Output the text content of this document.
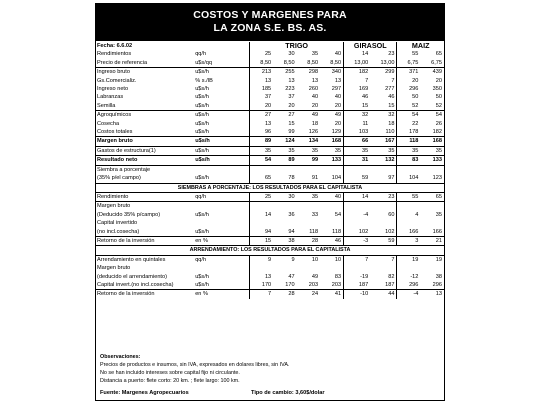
COSTOS Y MARGENES PARA
LA ZONA S.E. BS. AS.
Fecha: 6.6.02		TRIGO				GIRASOL		MAIZ	
Rendimientos	qq/h	25	30	35	40	14	23	55	65
Precio de referencia	u$s/qq	8,50	8,50	8,50	8,50	13,00	13,00	6,75	6,75
Ingreso bruto	u$s/h	213	255	298	340	182	299	371	439
Gs.Comercializ.	% s./IB	13	13	13	13	7	7	20	20
Ingreso neto	u$s/h	185	223	260	297	169	277	296	350
Labranzas	u$s/h	37	37	40	40	46	46	50	50
Semilla	u$s/h	20	20	20	20	15	15	52	52
Agroquímicos	u$s/h	27	27	49	49	32	32	54	54
Cosecha	u$s/h	13	15	18	20	11	18	22	26
Costos totales	u$s/h	96	99	126	129	103	110	178	182
Margen bruto	u$s/h	89	124	134	168	66	167	118	168
Gastos de estructura(1)	u$s/h	35	35	35	35	35	35	35	35
Resultado neto	u$s/h	54	89	99	133	31	132	83	133
Siembra a porcentaje									
(35% p/el campo)	u$s/h	65	78	91	104	59	97	104	123
SIEMBRAS A PORCENTAJE: LOS RESULTADOS PARA EL CAPITALISTA									
Rendimiento	qq/h	25	30	35	40	14	23	55	65
Margen bruto									
(Deducido 35% p/campo)	u$s/h	14	36	33	54	-4	60	4	35
Capital invertido									
(no incl.cosecha)	u$s/h	94	94	118	118	102	102	166	166
Retorno de la inversión	en %	15	38	28	46	-3	59	3	21
ARRENDAMIENTO: LOS RESULTADOS PARA EL CAPITALISTA									
Arrendamiento en quintales	qq/h	9	9	10	10	7	7	19	19
Margen bruto									
(deducido el arrendamiento)	u$s/h	13	47	49	83	-19	82	-12	38
Capital invert.(no incl.cosecha)	u$s/h	170	170	203	203	187	187	296	296
Retorno de la inversión	en %	7	28	24	41	-10	44	-4	13
Observaciones:
Precios de productos e insumos, sin IVA, expresados en dolares libres, sin IVA.
No se han incluido intereses sobre capital fijo ni circulante.
Distancia a puerto: flete corto: 20 km. ; flete largo: 100 km.
Fuente: Margenes Agropecuarios	Tipo de cambio: 3,60$/dolar
